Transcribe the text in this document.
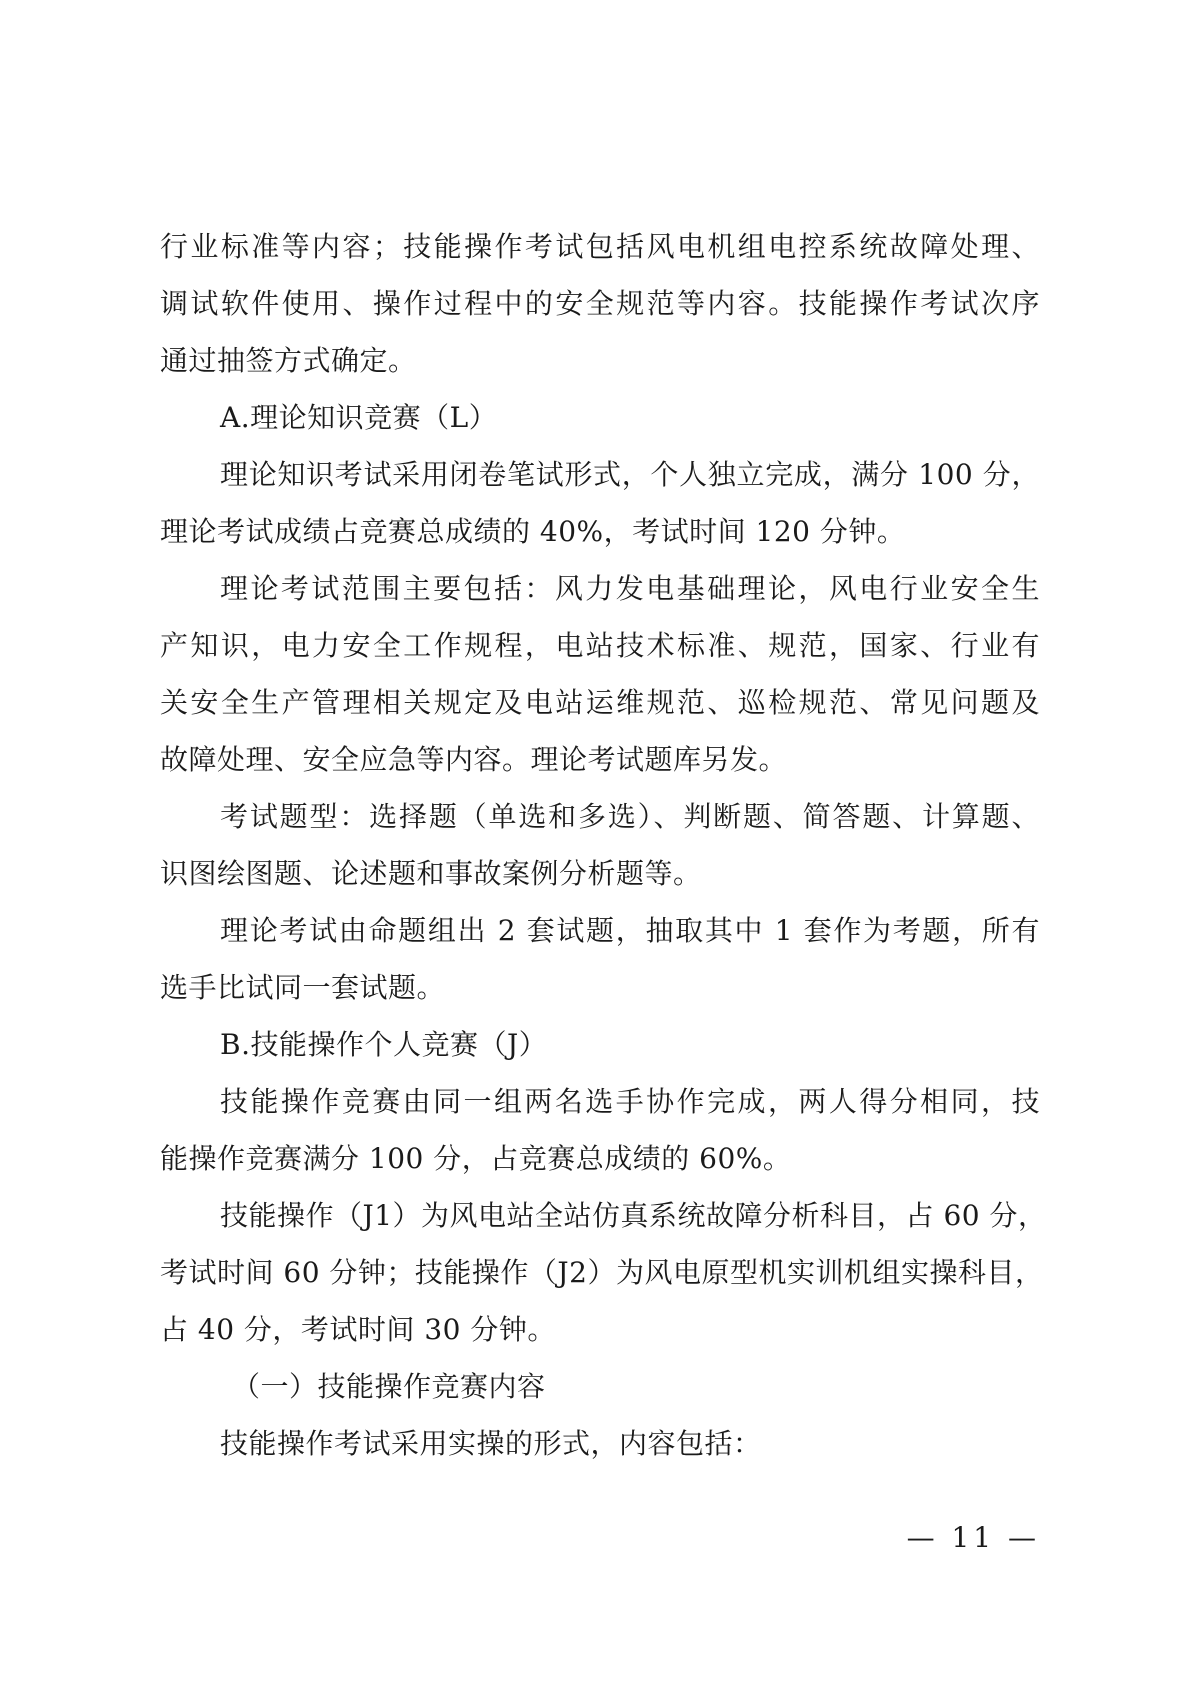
行业标准等内容；技能操作考试包括风电机组电控系统故障处理、
调试软件使用、操作过程中的安全规范等内容。技能操作考试次序
通过抽签方式确定。
A.理论知识竞赛（L）
理论知识考试采用闭卷笔试形式，个人独立完成，满分 100 分，
理论考试成绩占竞赛总成绩的 40%，考试时间 120 分钟。
理论考试范围主要包括：风力发电基础理论，风电行业安全生
产知识，电力安全工作规程，电站技术标准、规范，国家、行业有
关安全生产管理相关规定及电站运维规范、巡检规范、常见问题及
故障处理、安全应急等内容。理论考试题库另发。
考试题型：选择题（单选和多选）、判断题、简答题、计算题、
识图绘图题、论述题和事故案例分析题等。
理论考试由命题组出 2 套试题，抽取其中 1 套作为考题，所有
选手比试同一套试题。
B.技能操作个人竞赛（J）
技能操作竞赛由同一组两名选手协作完成，两人得分相同，技
能操作竞赛满分 100 分，占竞赛总成绩的 60%。
技能操作（J1）为风电站全站仿真系统故障分析科目，占 60 分，
考试时间 60 分钟；技能操作（J2）为风电原型机实训机组实操科目，
占 40 分，考试时间 30 分钟。
（一）技能操作竞赛内容
技能操作考试采用实操的形式，内容包括：
— 11 —
